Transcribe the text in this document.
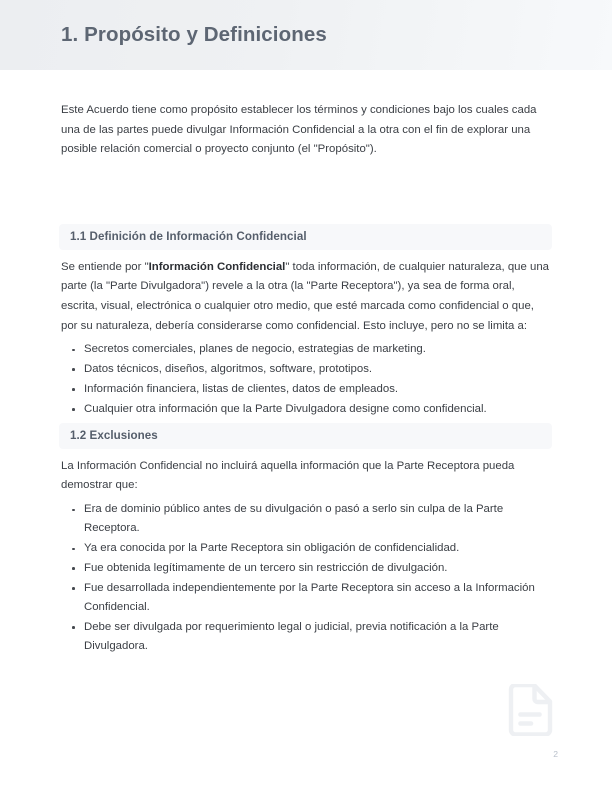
1. Propósito y Definiciones

Este Acuerdo tiene como propósito establecer los términos y condiciones bajo los cuales cada una de las partes puede divulgar Información Confidencial a la otra con el fin de explorar una posible relación comercial o proyecto conjunto (el "Propósito").

1.1 Definición de Información Confidencial

Se entiende por "Información Confidencial" toda información, de cualquier naturaleza, que una parte (la "Parte Divulgadora") revele a la otra (la "Parte Receptora"), ya sea de forma oral, escrita, visual, electrónica o cualquier otro medio, que esté marcada como confidencial o que, por su naturaleza, debería considerarse como confidencial. Esto incluye, pero no se limita a:

Secretos comerciales, planes de negocio, estrategias de marketing.
Datos técnicos, diseños, algoritmos, software, prototipos.
Información financiera, listas de clientes, datos de empleados.
Cualquier otra información que la Parte Divulgadora designe como confidencial.
1.2 Exclusiones

La Información Confidencial no incluirá aquella información que la Parte Receptora pueda demostrar que:

Era de dominio público antes de su divulgación o pasó a serlo sin culpa de la Parte Receptora.
Ya era conocida por la Parte Receptora sin obligación de confidencialidad.
Fue obtenida legítimamente de un tercero sin restricción de divulgación.
Fue desarrollada independientemente por la Parte Receptora sin acceso a la Información Confidencial.
Debe ser divulgada por requerimiento legal o judicial, previa notificación a la Parte Divulgadora.
2
